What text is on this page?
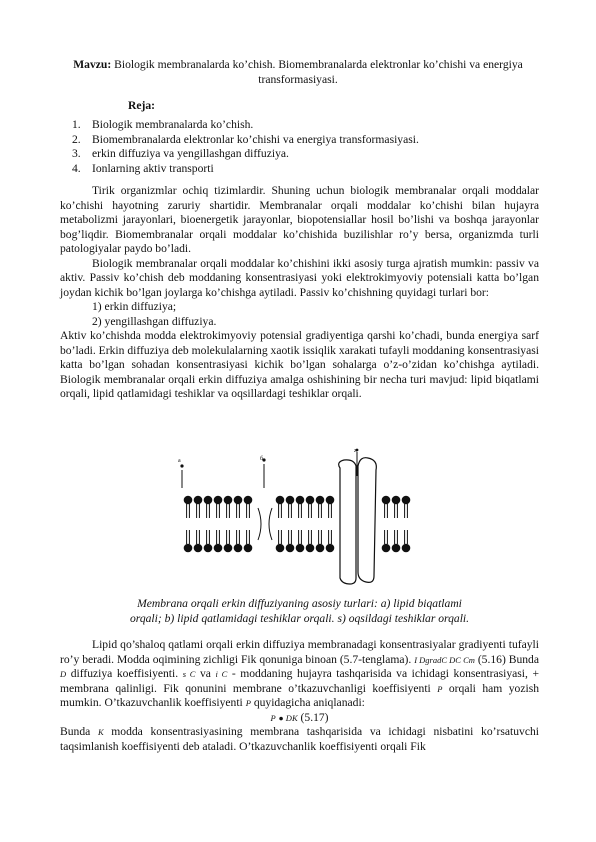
Mavzu: Biologik membranalarda ko’chish. Biomembranalarda elektronlar ko’chishi va energiya transformasiyasi.
Reja:
1. Biologik membranalarda ko’chish.
2. Biomembranalarda elektronlar ko’chishi va energiya transformasiyasi.
3. erkin diffuziya va yengillashgan diffuziya.
4. Ionlarning aktiv transporti

Tirik organizmlar ochiq tizimlardir. Shuning uchun biologik membranalar orqali moddalar ko’chishi hayotning zaruriy shartidir. Membranalar orqali moddalar ko’chishi bilan hujayra metabolizmi jarayonlari, bioenergetik jarayonlar, biopotensiallar hosil bo’lishi va boshqa jarayonlar bog’liqdir. Biomembranalar orqali moddalar ko’chishida buzilishlar ro’y bersa, organizmda turli patologiyalar paydo bo’ladi.

Biologik membranalar orqali moddalar ko’chishini ikki asosiy turga ajratish mumkin: passiv va aktiv. Passiv ko’chish deb moddaning konsentrasiyasi yoki elektrokimyoviy potensiali katta bo’lgan joydan kichik bo’lgan joylarga ko’chishga aytiladi. Passiv ko’chishning quyidagi turlari bor:

1) erkin diffuziya;

2) yengillashgan diffuziya.

Aktiv ko’chishda modda elektrokimyoviy potensial gradiyentiga qarshi ko’chadi, bunda energiya sarf bo’ladi. Erkin diffuziya deb molekulalarning xaotik issiqlik xarakati tufayli moddaning konsentrasiyasi katta bo’lgan sohadan konsentrasiyasi kichik bo’lgan sohalarga o’z-o’zidan ko’chishga aytiladi. Biologik membranalar orqali erkin diffuziya amalga oshishining bir necha turi mavjud: lipid biqatlami orqali, lipid qatlamidagi teshiklar va oqsillardagi teshiklar orqali.

a	б
z
Membrana orqali erkin diffuziyaning asosiy turlari: a) lipid biqatlami
orqali; b) lipid qatlamidagi teshiklar orqali. s) oqsildagi teshiklar orqali.

Lipid qo’shaloq qatlami orqali erkin diffuziya membranadagi konsentrasiyalar gradiyenti tufayli ro’y beradi. Modda oqimining zichligi Fik qonuniga binoan (5.7-tenglama). I DgradC DC Cm (5.16) Bunda D diffuziya koeffisiyenti. s C va i C - moddaning hujayra tashqarisida va ichidagi konsentrasiyasi, + membrana qalinligi. Fik qonunini membrane o’tkazuvchanligi koeffisiyenti P orqali ham yozish mumkin. O’tkazuvchanlik koeffisiyenti P quyidagicha aniqlanadi:

P ● DK (5.17)

Bunda K modda konsentrasiyasining membrana tashqarisida va ichidagi nisbatini ko’rsatuvchi taqsimlanish koeffisiyenti deb ataladi. O’tkazuvchanlik koeffisiyenti orqali Fik
